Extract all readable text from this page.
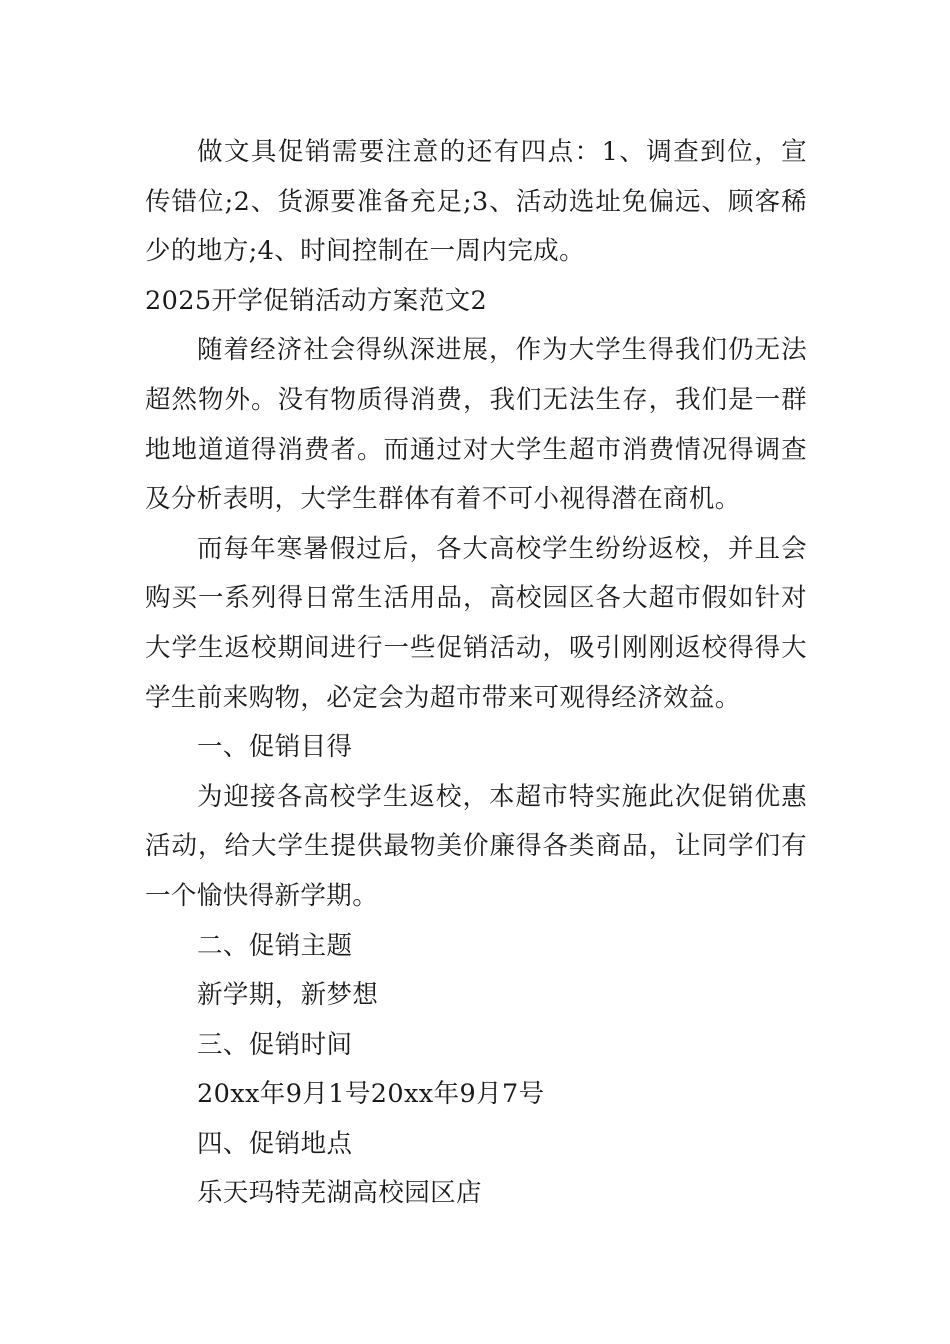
做文具促销需要注意的还有四点：1、调查到位，宣传错位;2、货源要准备充足;3、活动选址免偏远、顾客稀少的地方;4、时间控制在一周内完成。

2025开学促销活动方案范文2

随着经济社会得纵深进展，作为大学生得我们仍无法超然物外。没有物质得消费，我们无法生存，我们是一群地地道道得消费者。而通过对大学生超市消费情况得调查及分析表明，大学生群体有着不可小视得潜在商机。

而每年寒暑假过后，各大高校学生纷纷返校，并且会购买一系列得日常生活用品，高校园区各大超市假如针对大学生返校期间进行一些促销活动，吸引刚刚返校得得大学生前来购物，必定会为超市带来可观得经济效益。

一、促销目得

为迎接各高校学生返校，本超市特实施此次促销优惠活动，给大学生提供最物美价廉得各类商品，让同学们有一个愉快得新学期。

二、促销主题

新学期，新梦想

三、促销时间

20xx年9月1号20xx年9月7号

四、促销地点

乐天玛特芜湖高校园区店
